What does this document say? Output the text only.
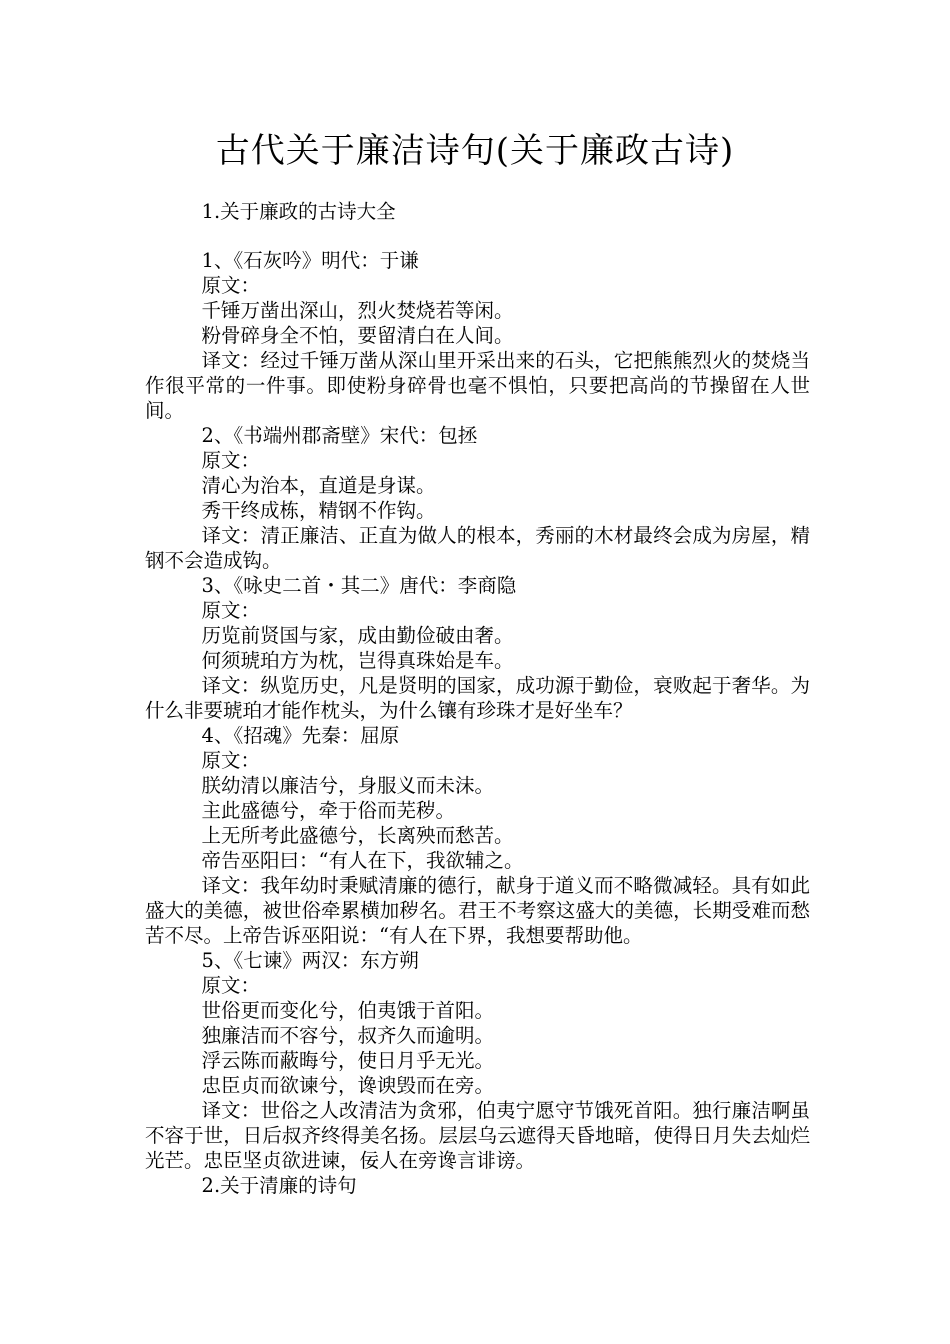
古代关于廉洁诗句(关于廉政古诗)

1.关于廉政的古诗大全

1、《石灰吟》明代：于谦

原文：

千锤万凿出深山，烈火焚烧若等闲。

粉骨碎身全不怕，要留清白在人间。

译文：经过千锤万凿从深山里开采出来的石头，它把熊熊烈火的焚烧当作很平常的一件事。即使粉身碎骨也毫不惧怕，只要把高尚的节操留在人世间。

2、《书端州郡斋壁》宋代：包拯

原文：

清心为治本，直道是身谋。

秀干终成栋，精钢不作钩。

译文：清正廉洁、正直为做人的根本，秀丽的木材最终会成为房屋，精钢不会造成钩。

3、《咏史二首・其二》唐代：李商隐

原文：

历览前贤国与家，成由勤俭破由奢。

何须琥珀方为枕，岂得真珠始是车。

译文：纵览历史，凡是贤明的国家，成功源于勤俭，衰败起于奢华。为什么非要琥珀才能作枕头，为什么镶有珍珠才是好坐车？

4、《招魂》先秦：屈原

原文：

朕幼清以廉洁兮，身服义而未沫。

主此盛德兮，牵于俗而芜秽。

上无所考此盛德兮，长离殃而愁苦。

帝告巫阳曰：“有人在下，我欲辅之。

译文：我年幼时秉赋清廉的德行，献身于道义而不略微减轻。具有如此盛大的美德，被世俗牵累横加秽名。君王不考察这盛大的美德，长期受难而愁苦不尽。上帝告诉巫阳说：“有人在下界，我想要帮助他。

5、《七谏》两汉：东方朔

原文：

世俗更而变化兮，伯夷饿于首阳。

独廉洁而不容兮，叔齐久而逾明。

浮云陈而蔽晦兮，使日月乎无光。

忠臣贞而欲谏兮，谗谀毁而在旁。

译文：世俗之人改清洁为贪邪，伯夷宁愿守节饿死首阳。独行廉洁啊虽不容于世，日后叔齐终得美名扬。层层乌云遮得天昏地暗，使得日月失去灿烂光芒。忠臣坚贞欲进谏，佞人在旁谗言诽谤。

2.关于清廉的诗句
